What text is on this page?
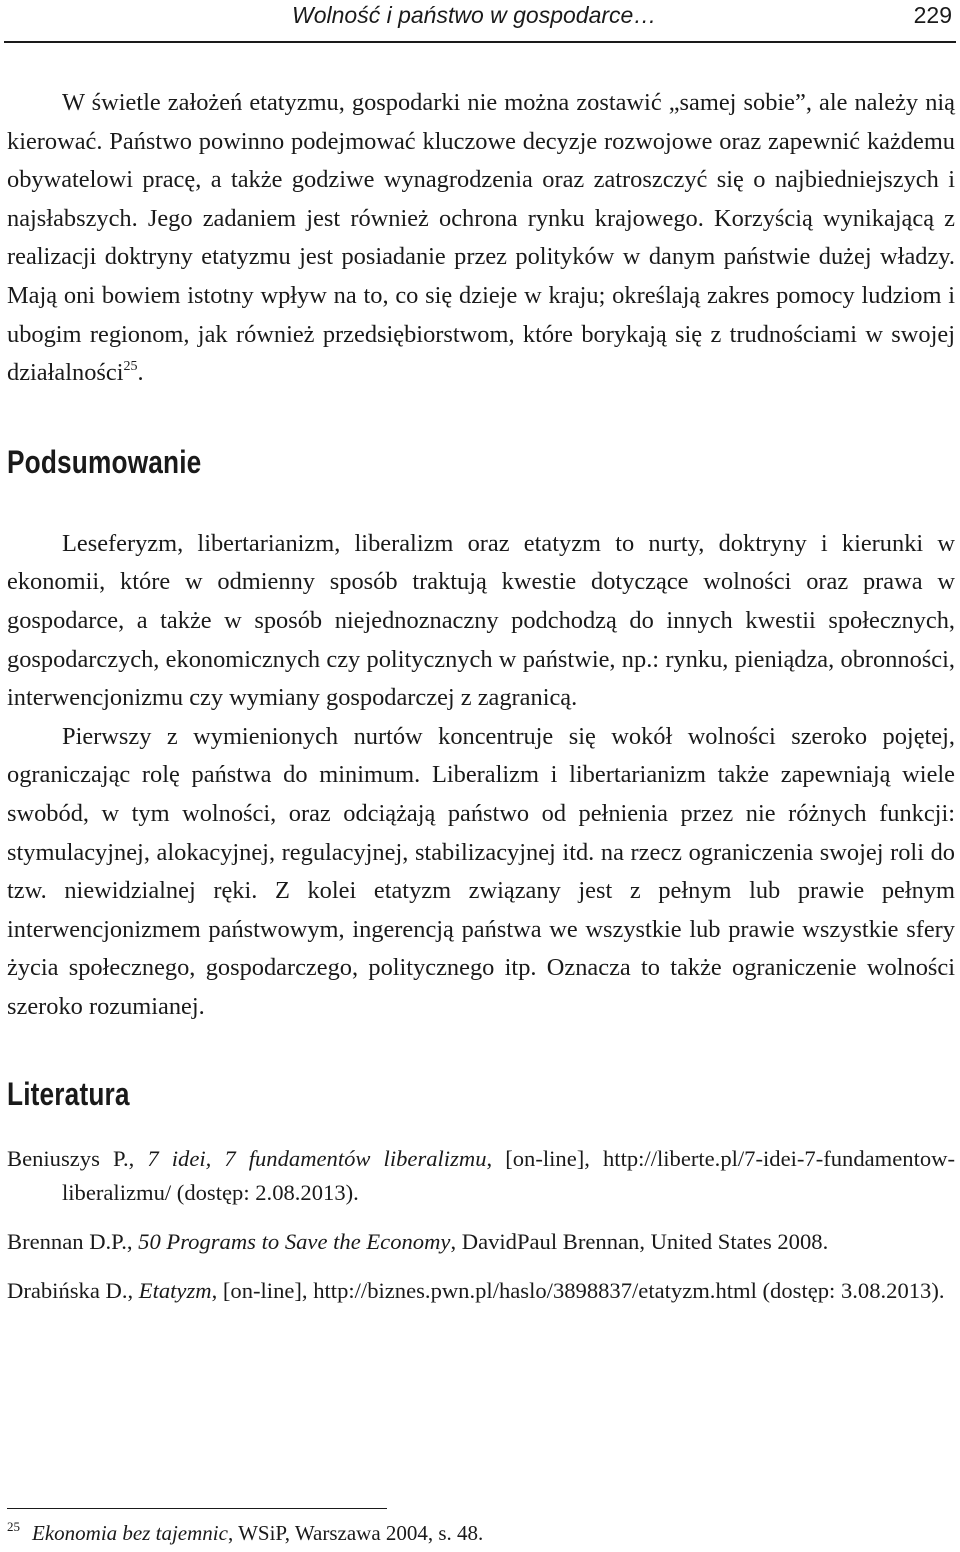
Wolność i państwo w gospodarce…	229

W świetle założeń etatyzmu, gospodarki nie można zostawić „samej sobie”, ale należy nią kierować. Państwo powinno podejmować kluczowe decyzje rozwojowe oraz zapewnić każdemu obywatelowi pracę, a także godziwe wynagrodzenia oraz zatroszczyć się o najbiedniejszych i najsłabszych. Jego zadaniem jest również ochrona rynku krajowego. Korzyścią wynikającą z realizacji doktryny etatyzmu jest posiadanie przez polityków w danym państwie dużej władzy. Mają oni bowiem istotny wpływ na to, co się dzieje w kraju; określają zakres pomocy ludziom i ubogim regionom, jak również przedsiębiorstwom, które borykają się z trudnościami w swojej działalności$^{25}$.

Podsumowanie

Leseferyzm, libertarianizm, liberalizm oraz etatyzm to nurty, doktryny i kierunki w ekonomii, które w odmienny sposób traktują kwestie dotyczące wolności oraz prawa w gospodarce, a także w sposób niejednoznaczny podchodzą do innych kwestii społecznych, gospodarczych, ekonomicznych czy politycznych w państwie, np.: rynku, pieniądza, obronności, interwencjonizmu czy wymiany gospodarczej z zagranicą.

Pierwszy z wymienionych nurtów koncentruje się wokół wolności szeroko pojętej, ograniczając rolę państwa do minimum. Liberalizm i libertarianizm także zapewniają wiele swobód, w tym wolności, oraz odciążają państwo od pełnienia przez nie różnych funkcji: stymulacyjnej, alokacyjnej, regulacyjnej, stabilizacyjnej itd. na rzecz ograniczenia swojej roli do tzw. niewidzialnej ręki. Z kolei etatyzm związany jest z pełnym lub prawie pełnym interwencjonizmem państwowym, ingerencją państwa we wszystkie lub prawie wszystkie sfery życia społecznego, gospodarczego, politycznego itp. Oznacza to także ograniczenie wolności szeroko rozumianej.

Literatura

Beniuszys P., 7 idei, 7 fundamentów liberalizmu, [on-line], http://liberte.pl/7-idei-7-fundamentow-liberalizmu/ (dostęp: 2.08.2013).

Brennan D.P., 50 Programs to Save the Economy, DavidPaul Brennan, United States 2008.

Drabińska D., Etatyzm, [on-line], http://biznes.pwn.pl/haslo/3898837/etatyzm.html (dostęp: 3.08.2013).

$^{25}$ Ekonomia bez tajemnic, WSiP, Warszawa 2004, s. 48.
